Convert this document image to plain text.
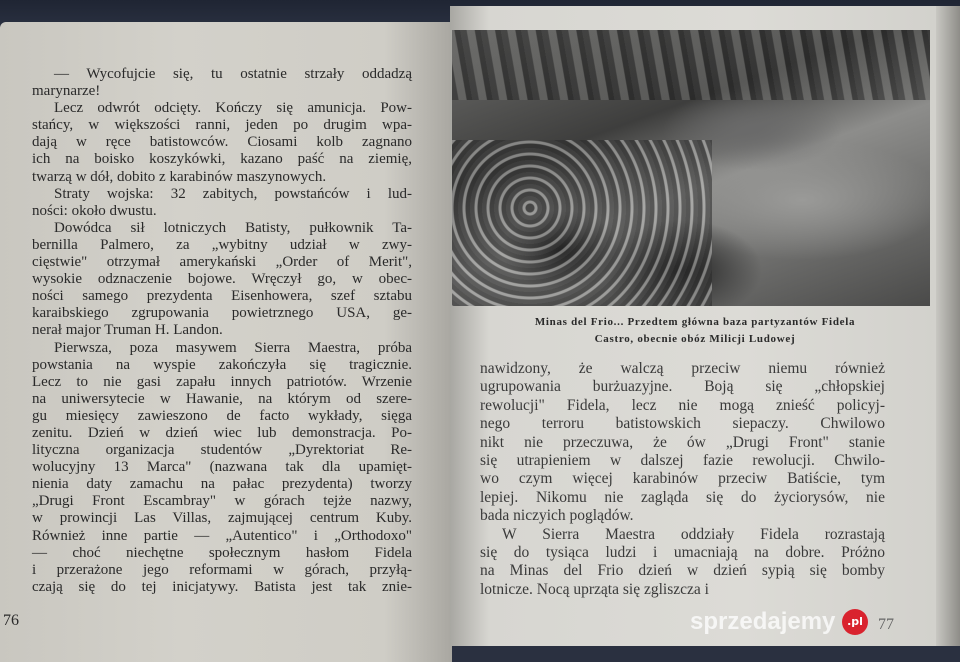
— Wycofujcie się, tu ostatnie strzały oddadzą
marynarze!
Lecz odwrót odcięty. Kończy się amunicja. Pow-
stańcy, w większości ranni, jeden po drugim wpa-
dają w ręce batistowców. Ciosami kolb zagnano
ich na boisko koszykówki, kazano paść na ziemię,
twarzą w dół, dobito z karabinów maszynowych.
Straty wojska: 32 zabitych, powstańców i lud-
ności: około dwustu.
Dowódca sił lotniczych Batisty, pułkownik Ta-
bernilla Palmero, za „wybitny udział w zwy-
cięstwie" otrzymał amerykański „Order of Merit",
wysokie odznaczenie bojowe. Wręczył go, w obec-
ności samego prezydenta Eisenhowera, szef sztabu
karaibskiego zgrupowania powietrznego USA, ge-
nerał major Truman H. Landon.
Pierwsza, poza masywem Sierra Maestra, próba
powstania na wyspie zakończyła się tragicznie.
Lecz to nie gasi zapału innych patriotów. Wrzenie
na uniwersytecie w Hawanie, na którym od szere-
gu miesięcy zawieszono de facto wykłady, sięga
zenitu. Dzień w dzień wiec lub demonstracja. Po-
lityczna organizacja studentów „Dyrektoriat Re-
wolucyjny 13 Marca" (nazwana tak dla upamięt-
nienia daty zamachu na pałac prezydenta) tworzy
„Drugi Front Escambray" w górach tejże nazwy,
w prowincji Las Villas, zajmującej centrum Kuby.
Również inne partie — „Autentico" i „Orthodoxo"
— choć niechętne społecznym hasłom Fidela
i przerażone jego reformami w górach, przyłą-
czają się do tej inicjatywy. Batista jest tak znie-
76
Minas del Frio... Przedtem główna baza partyzantów Fidela
Castro, obecnie obóz Milicji Ludowej
nawidzony, że walczą przeciw niemu również
ugrupowania burżuazyjne. Boją się „chłopskiej
rewolucji" Fidela, lecz nie mogą znieść policyj-
nego terroru batistowskich siepaczy. Chwilowo
nikt nie przeczuwa, że ów „Drugi Front" stanie
się utrapieniem w dalszej fazie rewolucji. Chwilo-
wo czym więcej karabinów przeciw Batiście, tym
lepiej. Nikomu nie zagląda się do życiorysów, nie
bada niczyich poglądów.
W Sierra Maestra oddziały Fidela rozrastają
się do tysiąca ludzi i umacniają na dobre. Próżno
na Minas del Frio dzień w dzień sypią się bomby
lotnicze. Nocą uprząta się zgliszcza i
77
sprzedajemy	.pl
